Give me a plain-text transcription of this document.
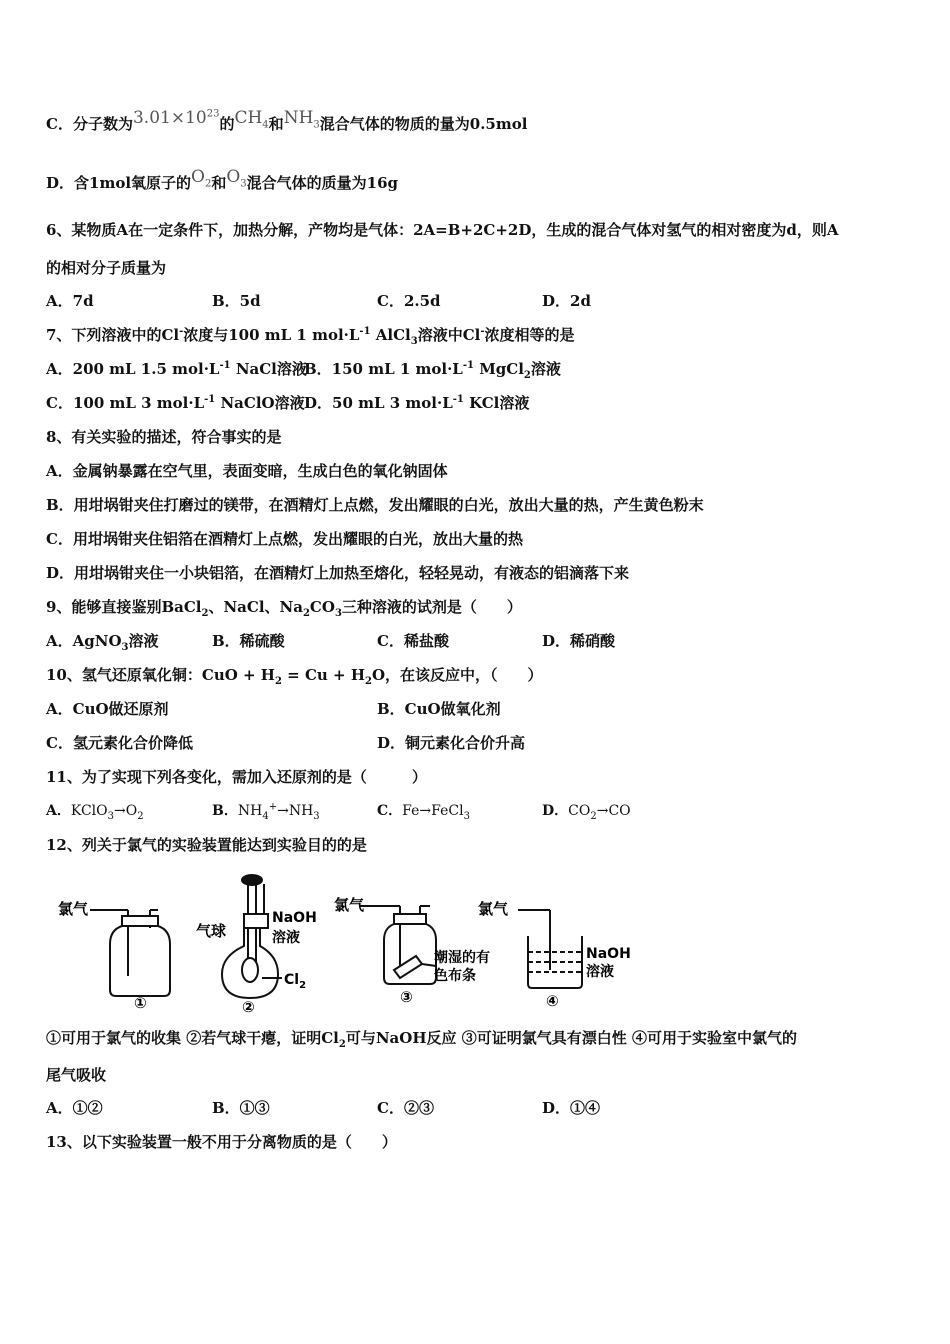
C．分子数为$3.01\times 10^{23}$的$CH_4$和$NH_3$混合气体的物质的量为0.5mol
D．含1mol氧原子的$O_2$和$O_3$混合气体的质量为16g
6、某物质A在一定条件下，加热分解，产物均是气体：2A=B+2C+2D，生成的混合气体对氢气的相对密度为d，则A
的相对分子质量为
A．7d	B．5d	C．2.5d	D．2d
7、下列溶液中的Cl-浓度与100 mL 1 $mol\cdot L^{-1}$ AlCl$_3$溶液中Cl-浓度相等的是
A．200 mL 1.5 $mol\cdot L^{-1}$ NaCl溶液
B．150 mL 1 $mol\cdot L^{-1}$ MgCl$_2$溶液
C．100 mL 3 $mol\cdot L^{-1}$ NaClO溶液 D．50 mL 3 $mol\cdot L^{-1}$ KCl溶液
8、有关实验的描述，符合事实的是
A．金属钠暴露在空气里，表面变暗，生成白色的氧化钠固体
B．用坩埚钳夹住打磨过的镁带，在酒精灯上点燃，发出耀眼的白光，放出大量的热，产生黄色粉末
C．用坩埚钳夹住铝箔在酒精灯上点燃，发出耀眼的白光，放出大量的热
D．用坩埚钳夹住一小块铝箔，在酒精灯上加热至熔化，轻轻晃动，有液态的铝滴落下来
9、能够直接鉴别BaCl$_2$、NaCl、$Na_2CO_3$三种溶液的试剂是（　　）
A．AgNO$_3$溶液	B．稀硫酸	C．稀盐酸	D．稀硝酸
10、氢气还原氧化铜：CuO + $H_2 = Cu + H_2O$，在该反应中，（　　）
A．CuO做还原剂	B．CuO做氧化剂
C．氢元素化合价降低	D．铜元素化合价升高
11、为了实现下列各变化，需加入还原剂的是（　　　）
A．$KClO_3\to O_2$	B．$NH_4^+\to NH_3$	C．Fe→FeCl$_3$	D．$CO_2\to CO$
12、列关于氯气的实验装置能达到实验目的的是
氯气
①
气球
NaOH
溶液
$Cl_2$
②
氯气
潮湿的有
色布条
③
氯气
NaOH
溶液
④
①可用于氯气的收集 ②若气球干瘪，证明$Cl_2$可与NaOH反应 ③可证明氯气具有漂白性 ④可用于实验室中氯气的
尾气吸收
A．①②	B．①③	C．②③	D．①④
13、以下实验装置一般不用于分离物质的是（　　）
